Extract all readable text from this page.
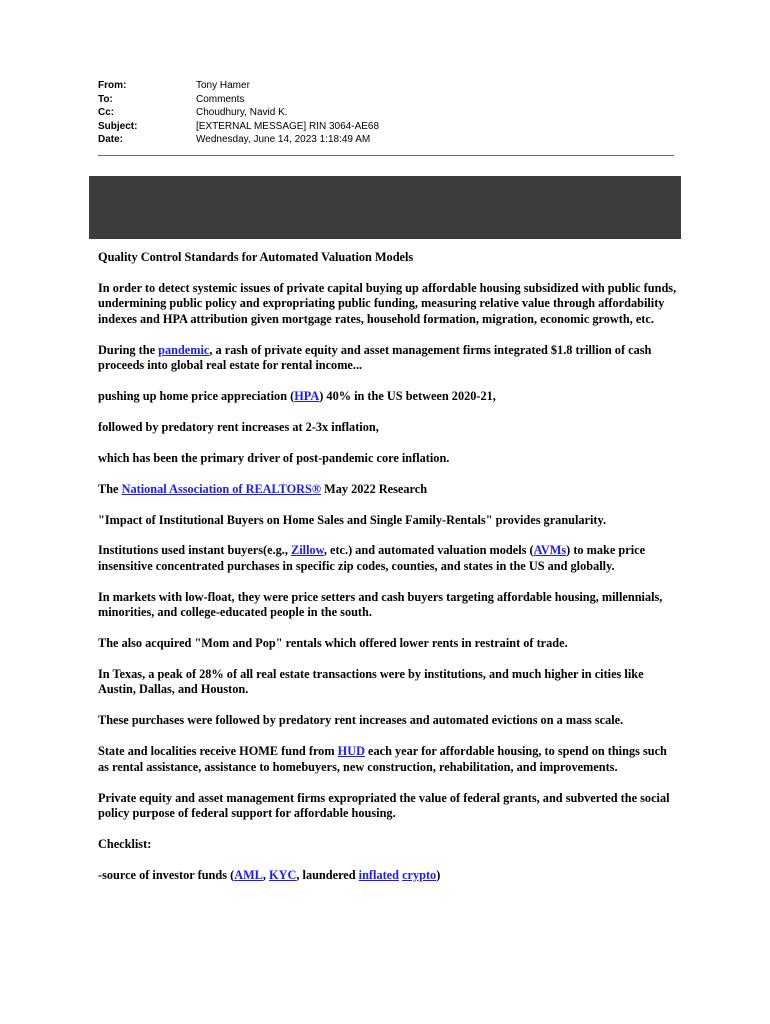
From:	Tony Hamer
To:	Comments
Cc:	Choudhury, Navid K.
Subject:	[EXTERNAL MESSAGE] RIN 3064-AE68
Date:	Wednesday, June 14, 2023 1:18:49 AM

Quality Control Standards for Automated Valuation Models

In order to detect systemic issues of private capital buying up affordable housing subsidized with public funds, undermining public policy and expropriating public funding, measuring relative value through affordability indexes and HPA attribution given mortgage rates, household formation, migration, economic growth, etc.

During the pandemic, a rash of private equity and asset management firms integrated $1.8 trillion of cash proceeds into global real estate for rental income...

pushing up home price appreciation (HPA) 40% in the US between 2020-21,

followed by predatory rent increases at 2-3x inflation,

which has been the primary driver of post-pandemic core inflation.

The National Association of REALTORS® May 2022 Research

"Impact of Institutional Buyers on Home Sales and Single Family-Rentals" provides granularity.

Institutions used instant buyers(e.g., Zillow, etc.) and automated valuation models (AVMs) to make price insensitive concentrated purchases in specific zip codes, counties, and states in the US and globally.

In markets with low-float, they were price setters and cash buyers targeting affordable housing, millennials, minorities, and college-educated people in the south.

The also acquired "Mom and Pop" rentals which offered lower rents in restraint of trade.

In Texas, a peak of 28% of all real estate transactions were by institutions, and much higher in cities like Austin, Dallas, and Houston.

These purchases were followed by predatory rent increases and automated evictions on a mass scale.

State and localities receive HOME fund from HUD each year for affordable housing, to spend on things such as rental assistance, assistance to homebuyers, new construction, rehabilitation, and improvements.

Private equity and asset management firms expropriated the value of federal grants, and subverted the social policy purpose of federal support for affordable housing.

Checklist:

-source of investor funds (AML, KYC, laundered inflated crypto)
